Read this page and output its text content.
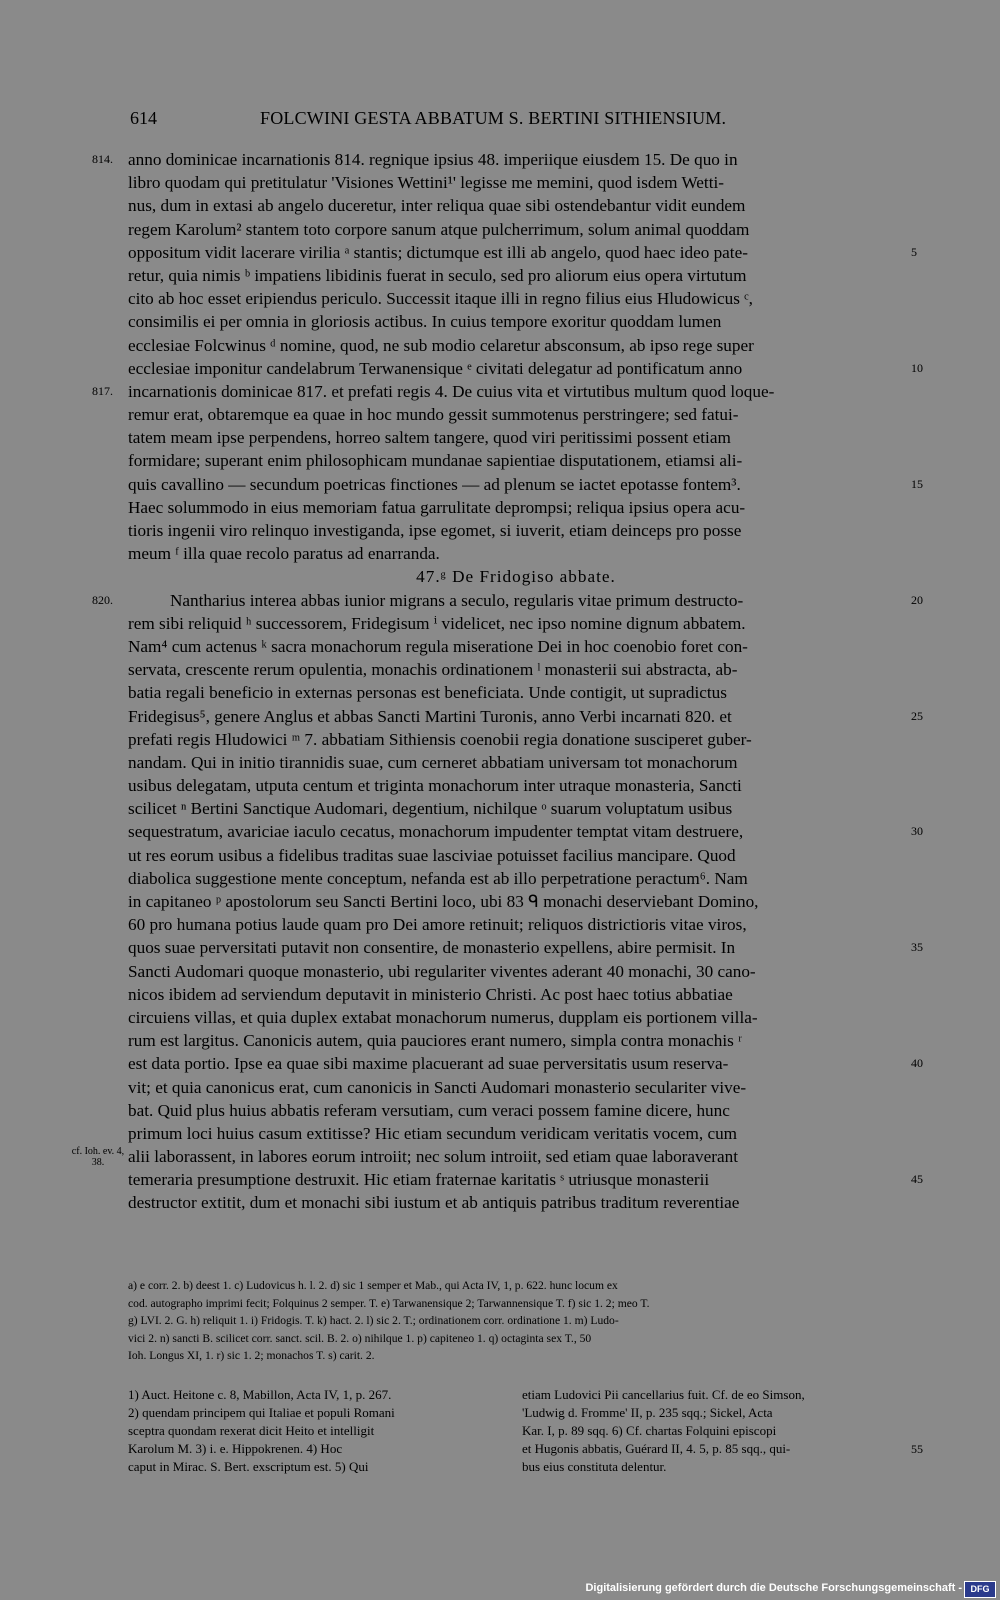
614	FOLCWINI GESTA ABBATUM S. BERTINI SITHIENSIUM.
814. anno dominicae incarnationis 814. regnique ipsius 48. imperiique eiusdem 15. De quo in
libro quodam qui pretitulatur 'Visiones Wettini¹' legisse me memini, quod isdem Wetti-
nus, dum in extasi ab angelo duceretur, inter reliqua quae sibi ostendebantur vidit eundem
regem Karolum² stantem toto corpore sanum atque pulcherrimum, solum animal quoddam
oppositum vidit lacerare virilia ᵃ stantis; dictumque est illi ab angelo, quod haec ideo pate-	5
retur, quia nimis ᵇ impatiens libidinis fuerat in seculo, sed pro aliorum eius opera virtutum
cito ab hoc esset eripiendus periculo. Successit itaque illi in regno filius eius Hludowicus ᶜ,
consimilis ei per omnia in gloriosis actibus. In cuius tempore exoritur quoddam lumen
ecclesiae Folcwinus ᵈ nomine, quod, ne sub modio celaretur absconsum, ab ipso rege super
ecclesiae imponitur candelabrum Terwanensique ᵉ civitati delegatur ad pontificatum anno	10
817. incarnationis dominicae 817. et prefati regis 4. De cuius vita et virtutibus multum quod loque-
remur erat, obtaremque ea quae in hoc mundo gessit summotenus perstringere; sed fatui-
tatem meam ipse perpendens, horreo saltem tangere, quod viri peritissimi possent etiam
formidare; superant enim philosophicam mundanae sapientiae disputationem, etiamsi ali-
quis cavallino — secundum poetricas finctiones — ad plenum se iactet epotasse fontem³.	15
Haec solummodo in eius memoriam fatua garrulitate deprompsi; reliqua ipsius opera acu-
tioris ingenii viro relinquo investiganda, ipse egomet, si iuverit, etiam deinceps pro posse
meum ᶠ illa quae recolo paratus ad enarranda.
47.ᵍ De Fridogiso abbate.
820.	Nantharius interea abbas iunior migrans a seculo, regularis vitae primum destructo-	20
rem sibi reliquid ʰ successorem, Fridegisum ⁱ videlicet, nec ipso nomine dignum abbatem.
Nam⁴ cum actenus ᵏ sacra monachorum regula miseratione Dei in hoc coenobio foret con-
servata, crescente rerum opulentia, monachis ordinationem ˡ monasterii sui abstracta, ab-
batia regali beneficio in externas personas est beneficiata. Unde contigit, ut supradictus
Fridegisus⁵, genere Anglus et abbas Sancti Martini Turonis, anno Verbi incarnati 820. et	25
prefati regis Hludowici ᵐ 7. abbatiam Sithiensis coenobii regia donatione susciperet guber-
nandam. Qui in initio tirannidis suae, cum cerneret abbatiam universam tot monachorum
usibus delegatam, utputa centum et triginta monachorum inter utraque monasteria, Sancti
scilicet ⁿ Bertini Sanctique Audomari, degentium, nichilque ᵒ suarum voluptatum usibus
sequestratum, avariciae iaculo cecatus, monachorum impudenter temptat vitam destruere,	30
ut res eorum usibus a fidelibus traditas suae lasciviae potuisset facilius mancipare. Quod
diabolica suggestione mente conceptum, nefanda est ab illo perpetratione peractum⁶. Nam
in capitaneo ᵖ apostolorum seu Sancti Bertini loco, ubi 83 ᑫ monachi deserviebant Domino,
60 pro humana potius laude quam pro Dei amore retinuit; reliquos districtioris vitae viros,
quos suae perversitati putavit non consentire, de monasterio expellens, abire permisit. In	35
Sancti Audomari quoque monasterio, ubi regulariter viventes aderant 40 monachi, 30 cano-
nicos ibidem ad serviendum deputavit in ministerio Christi. Ac post haec totius abbatiae
circuiens villas, et quia duplex extabat monachorum numerus, dupplam eis portionem villa-
rum est largitus. Canonicis autem, quia pauciores erant numero, simpla contra monachis ʳ
est data portio. Ipse ea quae sibi maxime placuerant ad suae perversitatis usum reserva-	40
vit; et quia canonicus erat, cum canonicis in Sancti Audomari monasterio seculariter vive-
bat. Quid plus huius abbatis referam versutiam, cum veraci possem famine dicere, hunc
primum loci huius casum extitisse? Hic etiam secundum veridicam veritatis vocem, cum
cf. Ioh. ev. 4, 38.	alii laborassent, in labores eorum introiit; nec solum introiit, sed etiam quae laboraverant
temeraria presumptione destruxit. Hic etiam fraternae karitatis ˢ utriusque monasterii	45
destructor extitit, dum et monachi sibi iustum et ab antiquis patribus traditum reverentiae
a) e corr. 2. b) deest 1. c) Ludovicus h. l. 2. d) sic 1 semper et Mab., qui Acta IV, 1, p. 622. hunc locum ex
cod. autographo imprimi fecit; Folquinus 2 semper. T. e) Tarwanensique 2; Tarwannensique T. f) sic 1. 2; meo T.
g) LVI. 2. G. h) reliquit 1. i) Fridogis. T. k) hact. 2. l) sic 2. T.; ordinationem corr. ordinatione 1. m) Ludo-
vici 2. n) sancti B. scilicet corr. sanct. scil. B. 2. o) nihilque 1. p) capiteneo 1. q) octaginta sex T., 50
Ioh. Longus XI, 1. r) sic 1. 2; monachos T. s) carit. 2.
1) Auct. Heitone c. 8, Mabillon, Acta IV, 1, p. 267.	etiam Ludovici Pii cancellarius fuit. Cf. de eo Simson,
2) quendam principem qui Italiae et populi Romani	'Ludwig d. Fromme' II, p. 235 sqq.; Sickel, Acta
sceptra quondam rexerat dicit Heito et intelligit	Kar. I, p. 89 sqq. 6) Cf. chartas Folquini episcopi
Karolum M. 3) i. e. Hippokrenen. 4) Hoc	et Hugonis abbatis, Guérard II, 4. 5, p. 85 sqq., qui-	55
caput in Mirac. S. Bert. exscriptum est. 5) Qui	bus eius constituta delentur.
Digitalisierung gefördert durch die Deutsche Forschungsgemeinschaft - DFG
